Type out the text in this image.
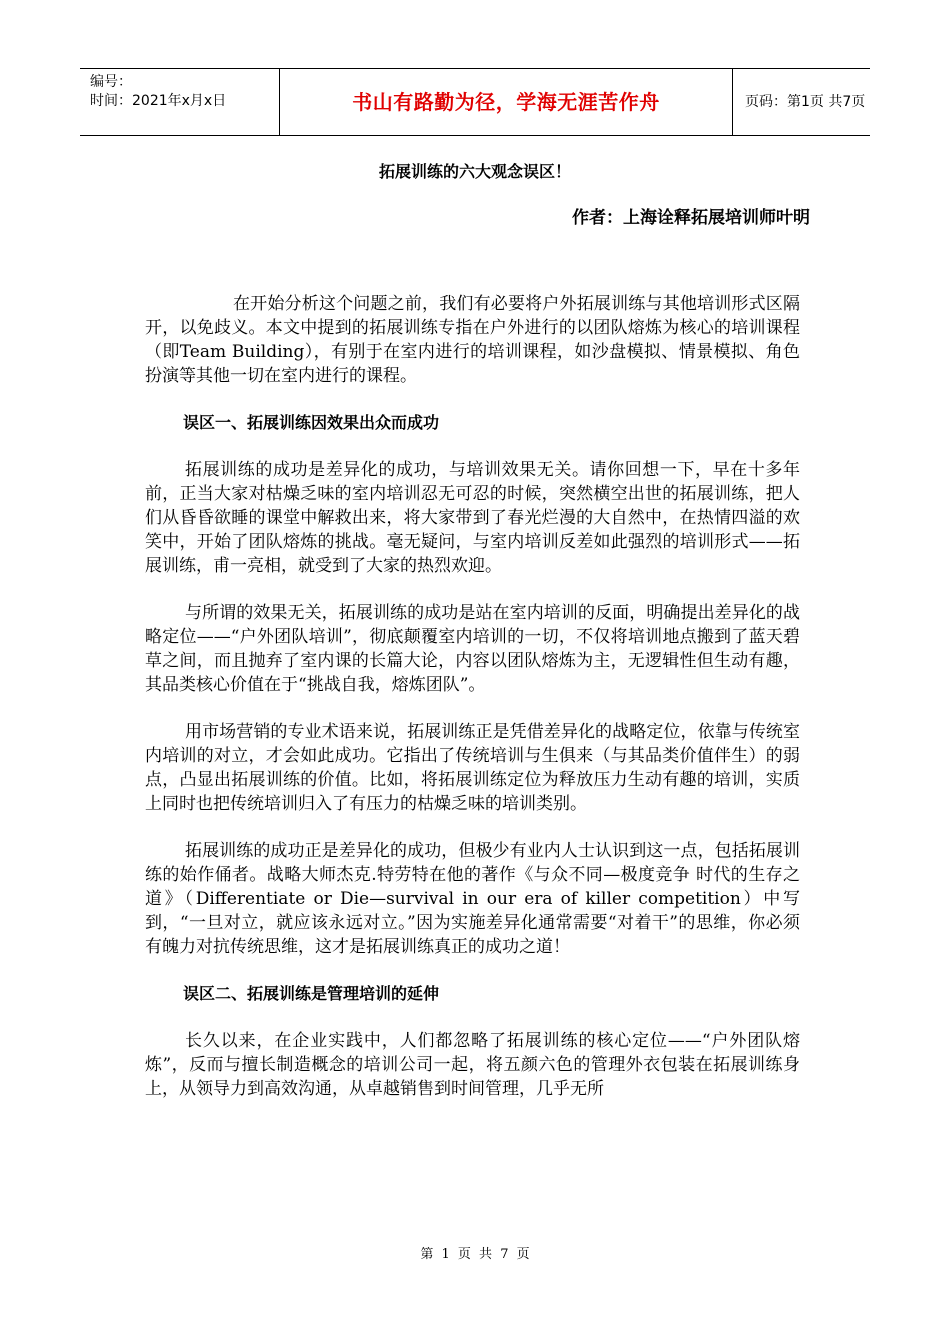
编号：
时间：2021年x月x日	书山有路勤为径，学海无涯苦作舟	页码：第1页 共7页
拓展训练的六大观念误区！
作者：上海诠释拓展培训师叶明

在开始分析这个问题之前，我们有必要将户外拓展训练与其他培训形式区隔开，以免歧义。本文中提到的拓展训练专指在户外进行的以团队熔炼为核心的培训课程（即Team Building），有别于在室内进行的培训课程，如沙盘模拟、情景模拟、角色扮演等其他一切在室内进行的课程。

误区一、拓展训练因效果出众而成功

拓展训练的成功是差异化的成功，与培训效果无关。请你回想一下，早在十多年前，正当大家对枯燥乏味的室内培训忍无可忍的时候，突然横空出世的拓展训练，把人们从昏昏欲睡的课堂中解救出来，将大家带到了春光烂漫的大自然中，在热情四溢的欢笑中，开始了团队熔炼的挑战。毫无疑问，与室内培训反差如此强烈的培训形式——拓展训练，甫一亮相，就受到了大家的热烈欢迎。

与所谓的效果无关，拓展训练的成功是站在室内培训的反面，明确提出差异化的战略定位——“户外团队培训”，彻底颠覆室内培训的一切，不仅将培训地点搬到了蓝天碧草之间，而且抛弃了室内课的长篇大论，内容以团队熔炼为主，无逻辑性但生动有趣，其品类核心价值在于“挑战自我，熔炼团队”。

用市场营销的专业术语来说，拓展训练正是凭借差异化的战略定位，依靠与传统室内培训的对立，才会如此成功。它指出了传统培训与生俱来（与其品类价值伴生）的弱点，凸显出拓展训练的价值。比如，将拓展训练定位为释放压力生动有趣的培训，实质上同时也把传统培训归入了有压力的枯燥乏味的培训类别。

拓展训练的成功正是差异化的成功，但极少有业内人士认识到这一点，包括拓展训练的始作俑者。战略大师杰克.特劳特在他的著作《与众不同—极度竞争 时代的生存之道》（Differentiate or Die—survival in our era of killer competition）中写到，“一旦对立，就应该永远对立。”因为实施差异化通常需要“对着干”的思维，你必须有魄力对抗传统思维，这才是拓展训练真正的成功之道！

误区二、拓展训练是管理培训的延伸

长久以来，在企业实践中，人们都忽略了拓展训练的核心定位——“户外团队熔炼”，反而与擅长制造概念的培训公司一起，将五颜六色的管理外衣包装在拓展训练身上，从领导力到高效沟通，从卓越销售到时间管理，几乎无所

第 1 页 共 7 页
